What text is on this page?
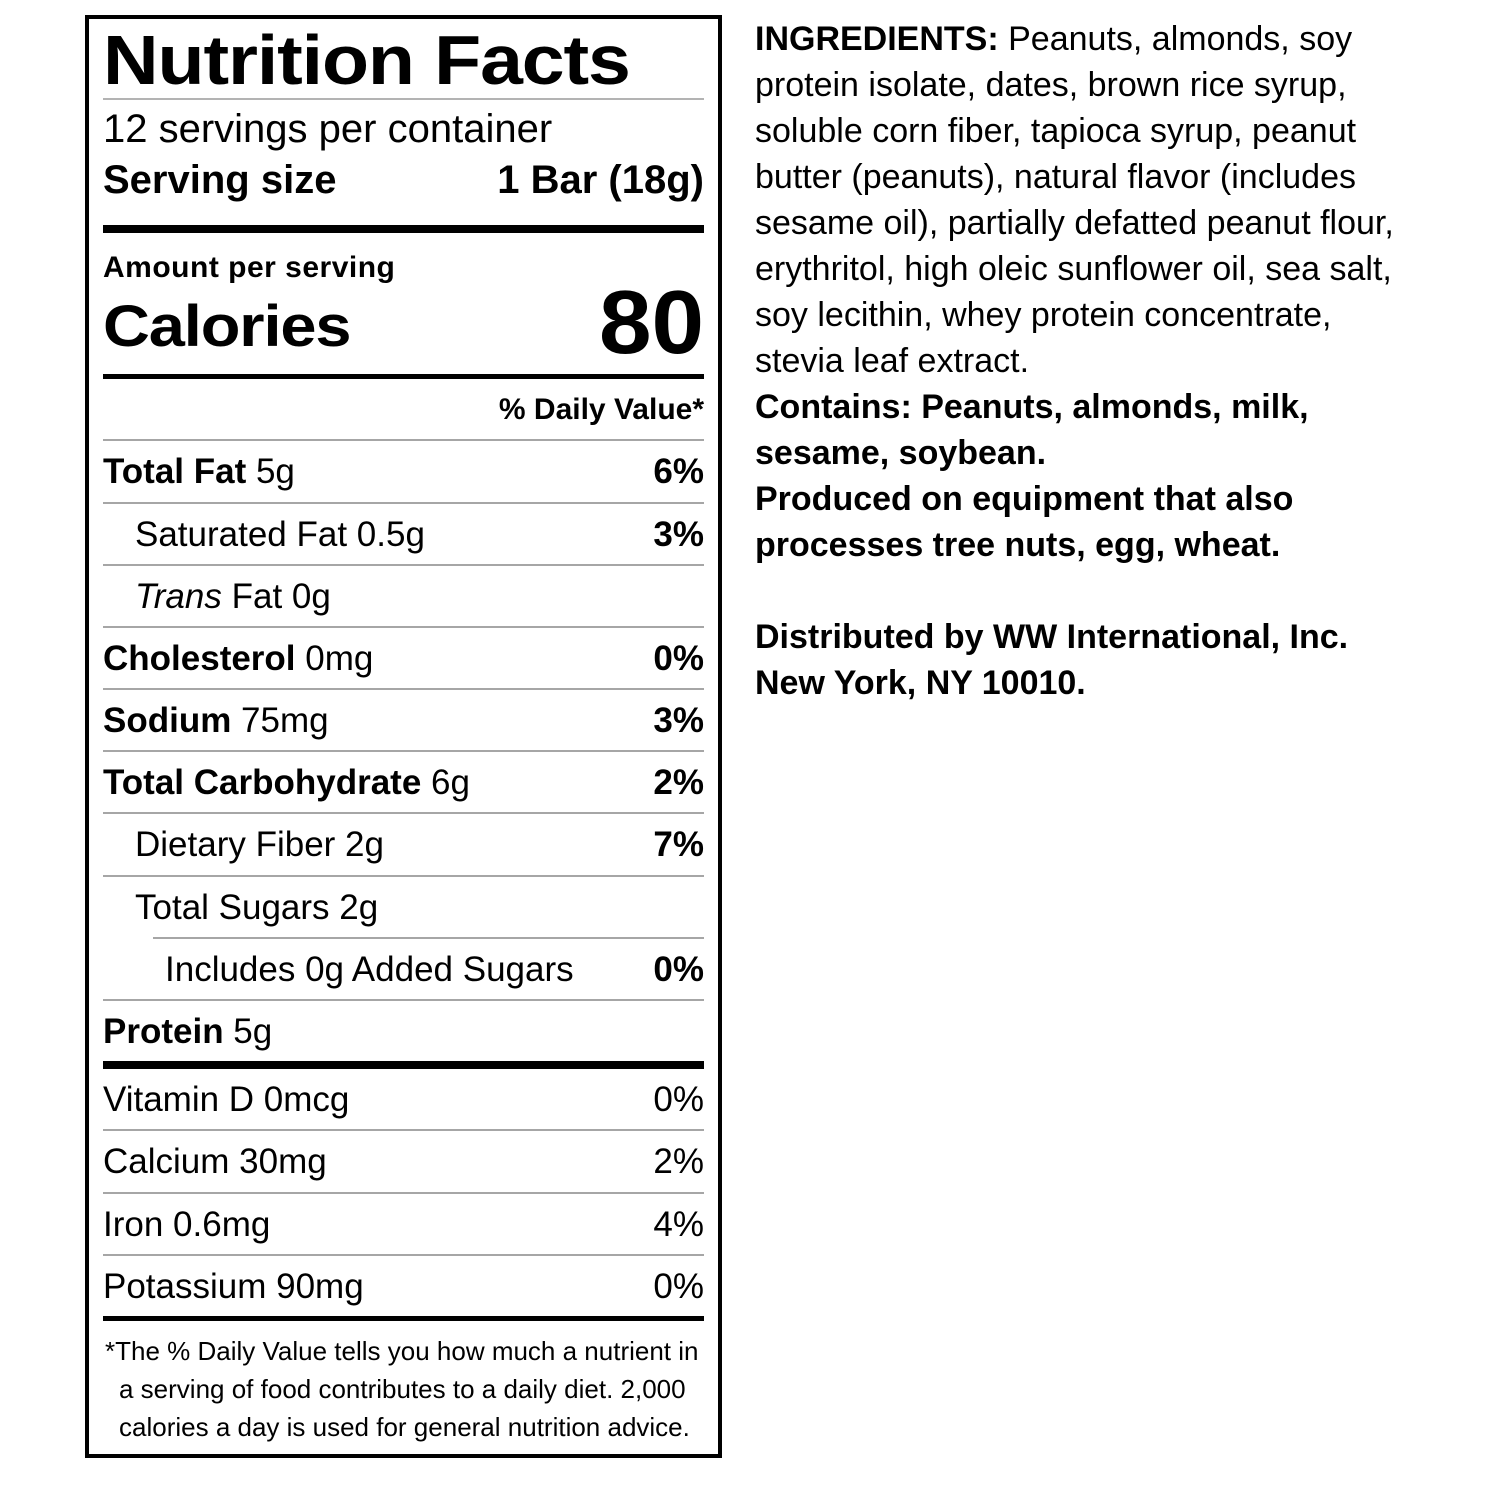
Nutrition Facts
12 servings per container
Serving size	1 Bar (18g)
Amount per serving
Calories	80
% Daily Value*
Total Fat 5g	6%
Saturated Fat 0.5g	3%
Trans Fat 0g
Cholesterol 0mg	0%
Sodium 75mg	3%
Total Carbohydrate 6g	2%
Dietary Fiber 2g	7%
Total Sugars 2g
Includes 0g Added Sugars 0%
Protein 5g
Vitamin D 0mcg	0%
Calcium 30mg	2%
Iron 0.6mg	4%
Potassium 90mg	0%
*The % Daily Value tells you how much a nutrient in a serving of food contributes to a daily diet. 2,000 calories a day is used for general nutrition advice.

INGREDIENTS: Peanuts, almonds, soy protein isolate, dates, brown rice syrup, soluble corn fiber, tapioca syrup, peanut butter (peanuts), natural flavor (includes sesame oil), partially defatted peanut flour, erythritol, high oleic sunflower oil, sea salt, soy lecithin, whey protein concentrate, stevia leaf extract.

Contains: Peanuts, almonds, milk, sesame, soybean.

Produced on equipment that also processes tree nuts, egg, wheat.

Distributed by WW International, Inc.
New York, NY 10010.
